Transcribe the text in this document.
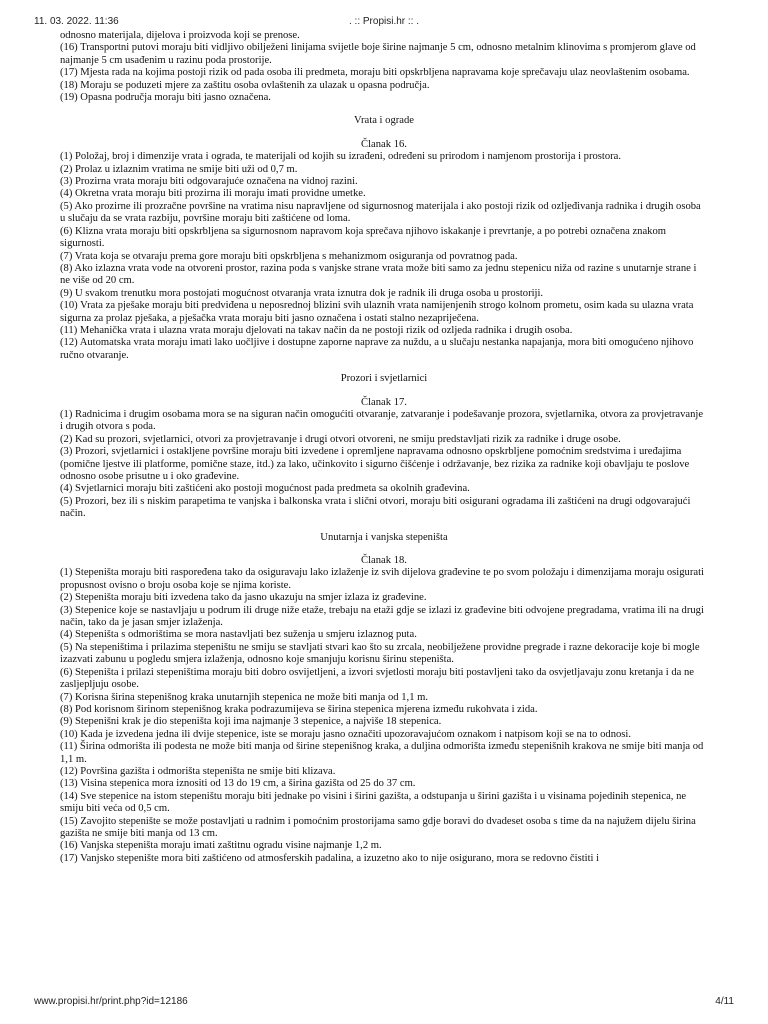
11. 03. 2022. 11:36	. :: Propisi.hr :: .

odnosno materijala, dijelova i proizvoda koji se prenose.

(16) Transportni putovi moraju biti vidljivo obilježeni linijama svijetle boje širine najmanje 5 cm, odnosno metalnim klinovima s promjerom glave od najmanje 5 cm usađenim u razinu poda prostorije.

(17) Mjesta rada na kojima postoji rizik od pada osoba ili predmeta, moraju biti opskrbljena napravama koje sprečavaju ulaz neovlaštenim osobama.

(18) Moraju se poduzeti mjere za zaštitu osoba ovlaštenih za ulazak u opasna područja.

(19) Opasna područja moraju biti jasno označena.

Vrata i ograde
Članak 16.

(1) Položaj, broj i dimenzije vrata i ograda, te materijali od kojih su izrađeni, određeni su prirodom i namjenom prostorija i prostora.

(2) Prolaz u izlaznim vratima ne smije biti uži od 0,7 m.

(3) Prozirna vrata moraju biti odgovarajuće označena na vidnoj razini.

(4) Okretna vrata moraju biti prozirna ili moraju imati providne umetke.

(5) Ako prozirne ili prozračne površine na vratima nisu napravljene od sigurnosnog materijala i ako postoji rizik od ozljeđivanja radnika i drugih osoba u slučaju da se vrata razbiju, površine moraju biti zaštićene od loma.

(6) Klizna vrata moraju biti opskrbljena sa sigurnosnom napravom koja sprečava njihovo iskakanje i prevrtanje, a po potrebi označena znakom sigurnosti.

(7) Vrata koja se otvaraju prema gore moraju biti opskrbljena s mehanizmom osiguranja od povratnog pada.

(8) Ako izlazna vrata vode na otvoreni prostor, razina poda s vanjske strane vrata može biti samo za jednu stepenicu niža od razine s unutarnje strane i ne više od 20 cm.

(9) U svakom trenutku mora postojati mogućnost otvaranja vrata iznutra dok je radnik ili druga osoba u prostoriji.

(10) Vrata za pješake moraju biti predviđena u neposrednoj blizini svih ulaznih vrata namijenjenih strogo kolnom prometu, osim kada su ulazna vrata sigurna za prolaz pješaka, a pješačka vrata moraju biti jasno označena i ostati stalno nezapriječena.

(11) Mehanička vrata i ulazna vrata moraju djelovati na takav način da ne postoji rizik od ozljeda radnika i drugih osoba.

(12) Automatska vrata moraju imati lako uočljive i dostupne zaporne naprave za nuždu, a u slučaju nestanka napajanja, mora biti omogućeno njihovo ručno otvaranje.

Prozori i svjetlarnici
Članak 17.

(1) Radnicima i drugim osobama mora se na siguran način omogućiti otvaranje, zatvaranje i podešavanje prozora, svjetlarnika, otvora za provjetravanje i drugih otvora s poda.

(2) Kad su prozori, svjetlarnici, otvori za provjetravanje i drugi otvori otvoreni, ne smiju predstavljati rizik za radnike i druge osobe.

(3) Prozori, svjetlarnici i ostakljene površine moraju biti izvedene i opremljene napravama odnosno opskrbljene pomoćnim sredstvima i uređajima (pomične ljestve ili platforme, pomične staze, itd.) za lako, učinkovito i sigurno čišćenje i održavanje, bez rizika za radnike koji obavljaju te poslove odnosno osobe prisutne u i oko građevine.

(4) Svjetlarnici moraju biti zaštićeni ako postoji mogućnost pada predmeta sa okolnih građevina.

(5) Prozori, bez ili s niskim parapetima te vanjska i balkonska vrata i slični otvori, moraju biti osigurani ogradama ili zaštićeni na drugi odgovarajući način.

Unutarnja i vanjska stepeništa
Članak 18.

(1) Stepeništa moraju biti raspoređena tako da osiguravaju lako izlaženje iz svih dijelova građevine te po svom položaju i dimenzijama moraju osigurati propusnost ovisno o broju osoba koje se njima koriste.

(2) Stepeništa moraju biti izvedena tako da jasno ukazuju na smjer izlaza iz građevine.

(3) Stepenice koje se nastavljaju u podrum ili druge niže etaže, trebaju na etaži gdje se izlazi iz građevine biti odvojene pregradama, vratima ili na drugi način, tako da je jasan smjer izlaženja.

(4) Stepeništa s odmorištima se mora nastavljati bez suženja u smjeru izlaznog puta.

(5) Na stepeništima i prilazima stepeništu ne smiju se stavljati stvari kao što su zrcala, neobilježene providne pregrade i razne dekoracije koje bi mogle izazvati zabunu u pogledu smjera izlaženja, odnosno koje smanjuju korisnu širinu stepeništa.

(6) Stepeništa i prilazi stepeništima moraju biti dobro osvijetljeni, a izvori svjetlosti moraju biti postavljeni tako da osvjetljavaju zonu kretanja i da ne zasljepljuju osobe.

(7) Korisna širina stepenišnog kraka unutarnjih stepenica ne može biti manja od 1,1 m.

(8) Pod korisnom širinom stepenišnog kraka podrazumijeva se širina stepenica mjerena između rukohvata i zida.

(9) Stepenišni krak je dio stepeništa koji ima najmanje 3 stepenice, a najviše 18 stepenica.

(10) Kada je izvedena jedna ili dvije stepenice, iste se moraju jasno označiti upozoravajućom oznakom i natpisom koji se na to odnosi.

(11) Širina odmorišta ili podesta ne može biti manja od širine stepenišnog kraka, a duljina odmorišta između stepenišnih krakova ne smije biti manja od 1,1 m.

(12) Površina gazišta i odmorišta stepeništa ne smije biti klizava.

(13) Visina stepenica mora iznositi od 13 do 19 cm, a širina gazišta od 25 do 37 cm.

(14) Sve stepenice na istom stepeništu moraju biti jednake po visini i širini gazišta, a odstupanja u širini gazišta i u visinama pojedinih stepenica, ne smiju biti veća od 0,5 cm.

(15) Zavojito stepenište se može postavljati u radnim i pomoćnim prostorijama samo gdje boravi do dvadeset osoba s time da na najužem dijelu širina gazišta ne smije biti manja od 13 cm.

(16) Vanjska stepeništa moraju imati zaštitnu ogradu visine najmanje 1,2 m.

(17) Vanjsko stepenište mora biti zaštićeno od atmosferskih padalina, a izuzetno ako to nije osigurano, mora se redovno čistiti i

www.propisi.hr/print.php?id=12186	4/11
